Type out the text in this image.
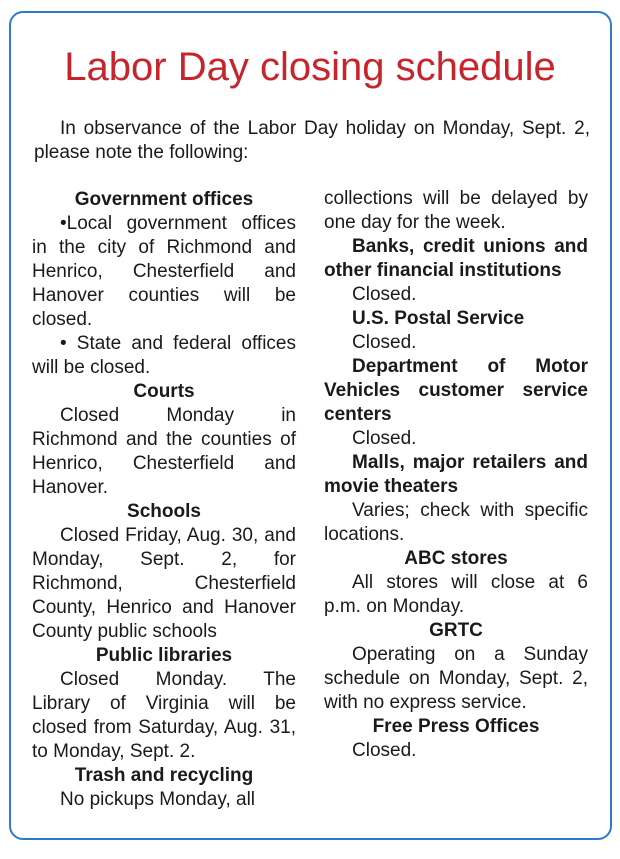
Labor Day closing schedule

In observance of the Labor Day holiday on Monday, Sept. 2, please note the following:

Government offices

•Local government offices in the city of Richmond and Henrico, Chesterfield and Hanover counties will be closed.

• State and federal offices will be closed.

Courts

Closed Monday in Richmond and the counties of Henrico, Chesterfield and Hanover.

Schools

Closed Friday, Aug. 30, and Monday, Sept. 2, for Richmond, Chesterfield County, Henrico and Hanover County public schools

Public libraries

Closed Monday. The Library of Virginia will be closed from Saturday, Aug. 31, to Monday, Sept. 2.

Trash and recycling

No pickups Monday, all

collections will be delayed by one day for the week.

Banks, credit unions and other financial institutions

Closed.

U.S. Postal Service

Closed.

Department of Motor Vehicles customer service centers

Closed.

Malls, major retailers and movie theaters

Varies; check with specific locations.

ABC stores

All stores will close at 6 p.m. on Monday.

GRTC

Operating on a Sunday schedule on Monday, Sept. 2, with no express service.

Free Press Offices

Closed.
